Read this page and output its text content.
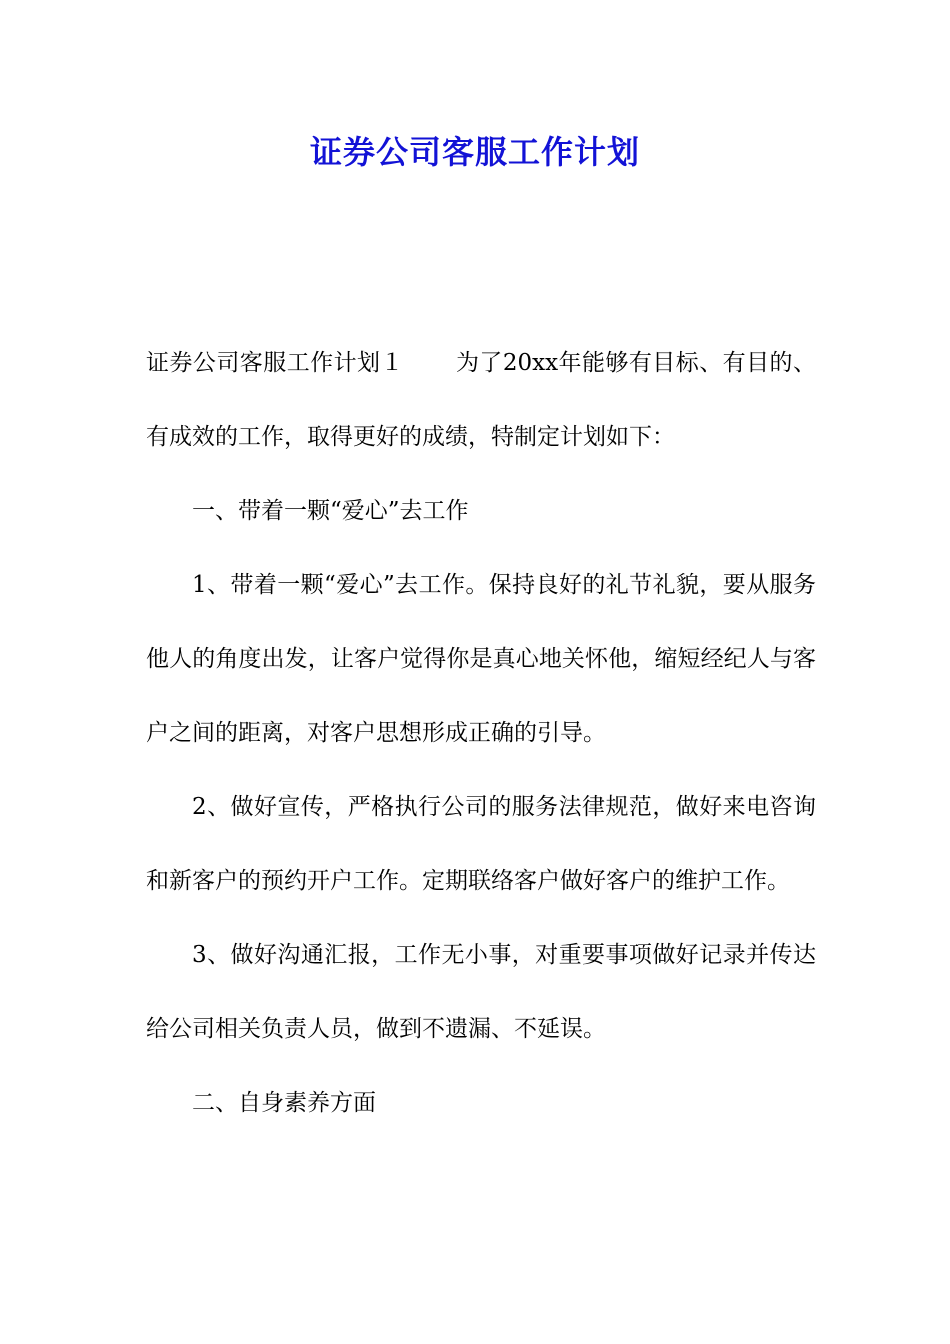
证券公司客服工作计划

证券公司客服工作计划１ 为了20xx年能够有目标、有目的、有成效的工作，取得更好的成绩，特制定计划如下：

一、带着一颗“爱心”去工作

1、带着一颗“爱心”去工作。保持良好的礼节礼貌，要从服务他人的角度出发，让客户觉得你是真心地关怀他，缩短经纪人与客户之间的距离，对客户思想形成正确的引导。

2、做好宣传，严格执行公司的服务法律规范，做好来电咨询和新客户的预约开户工作。定期联络客户做好客户的维护工作。

3、做好沟通汇报，工作无小事，对重要事项做好记录并传达给公司相关负责人员，做到不遗漏、不延误。

二、自身素养方面
